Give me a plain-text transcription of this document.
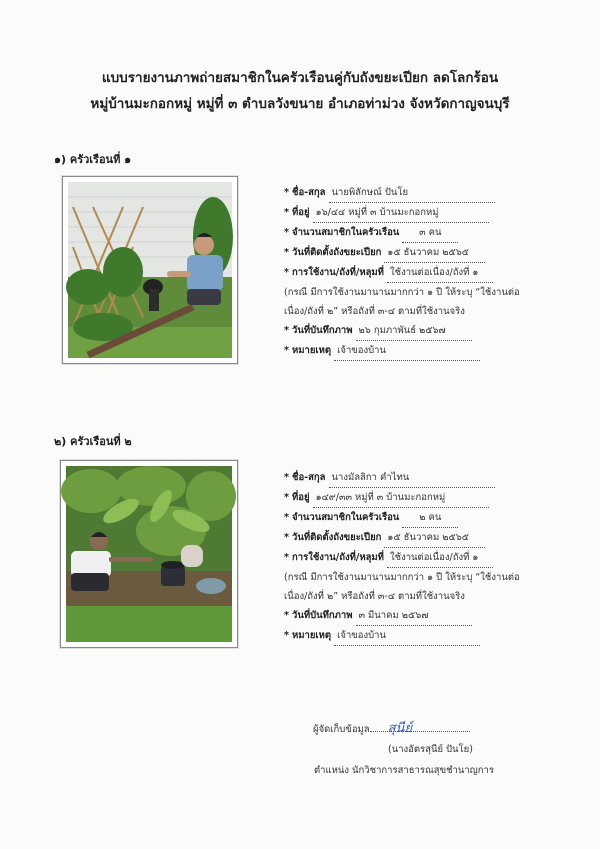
แบบรายงานภาพถ่ายสมาชิกในครัวเรือนคู่กับถังขยะเปียก ลดโลกร้อน
หมู่บ้านมะกอกหมู่ หมู่ที่ ๓ ตำบลวังขนาย อำเภอท่าม่วง จังหวัดกาญจนบุรี
๑) ครัวเรือนที่ ๑
* ชื่อ-สกุล นายพิลักษณ์ ปันโย
* ที่อยู่ ๑๖/๔๔ หมู่ที่ ๓ บ้านมะกอกหมู่
* จำนวนสมาชิกในครัวเรือน ๓ คน
* วันที่ติดตั้งถังขยะเปียก ๑๕ ธันวาคม ๒๕๖๕
* การใช้งาน/ถังที่/หลุมที่ ใช้งานต่อเนื่อง/ถังที่ ๑
(กรณี มีการใช้งานมานานมากกว่า ๑ ปี ให้ระบุ “ใช้งานต่อเนื่อง/ถังที่ ๒” หรือถังที่ ๓-๔ ตามที่ใช้งานจริง
* วันที่บันทึกภาพ ๒๖ กุมภาพันธ์ ๒๕๖๗
* หมายเหตุ เจ้าของบ้าน
๒) ครัวเรือนที่ ๒
* ชื่อ-สกุล นางมัลลิกา คำไทน
* ที่อยู่ ๑๔๙/๓๓ หมู่ที่ ๓ บ้านมะกอกหมู่
* จำนวนสมาชิกในครัวเรือน ๒ คน
* วันที่ติดตั้งถังขยะเปียก ๑๕ ธันวาคม ๒๕๖๕
* การใช้งาน/ถังที่/หลุมที่ ใช้งานต่อเนื่อง/ถังที่ ๑
(กรณี มีการใช้งานมานานมากกว่า ๑ ปี ให้ระบุ “ใช้งานต่อเนื่อง/ถังที่ ๒” หรือถังที่ ๓-๔ ตามที่ใช้งานจริง
* วันที่บันทึกภาพ ๓ มีนาคม ๒๕๖๗
* หมายเหตุ เจ้าของบ้าน
ผู้จัดเก็บข้อมูล สุนีย์
(นางอัตรสุนีย์ ปันโย)
ตำแหน่ง นักวิชาการสาธารณสุขชำนาญการ
